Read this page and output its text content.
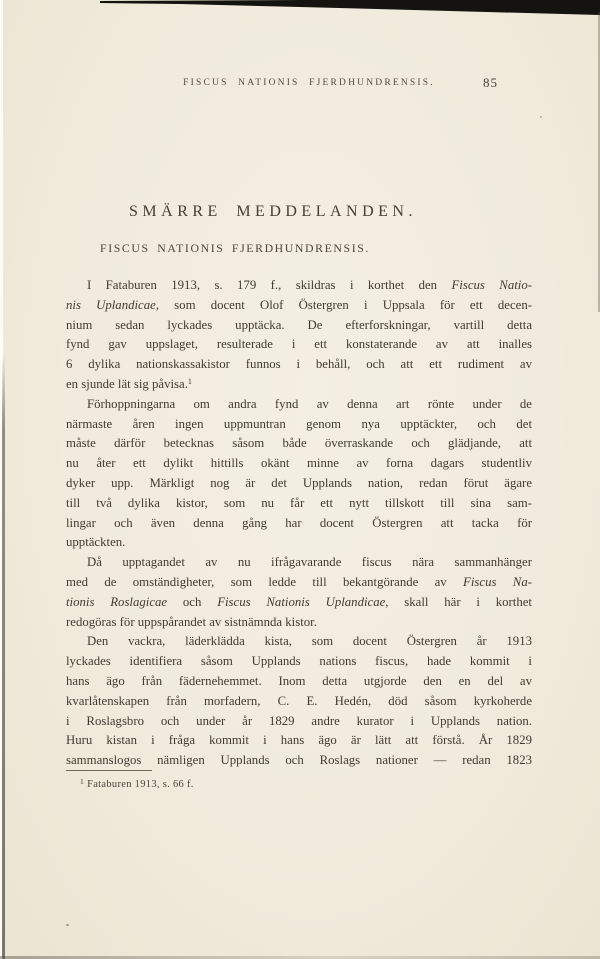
FISCUS NATIONIS FJERDHUNDRENSIS.	85
SMÄRRE MEDDELANDEN.
FISCUS NATIONIS FJERDHUNDRENSIS.
I Fataburen 1913, s. 179 f., skildras i korthet den Fiscus Natio-
nis Uplandicae, som docent Olof Östergren i Uppsala för ett decen-
nium sedan lyckades upptäcka. De efterforskningar, vartill detta
fynd gav uppslaget, resulterade i ett konstaterande av att inalles
6 dylika nationskassakistor funnos i behåll, och att ett rudiment av
en sjunde lät sig påvisa.$^1$
Förhoppningarna om andra fynd av denna art rönte under de
närmaste åren ingen uppmuntran genom nya upptäckter, och det
måste därför betecknas såsom både överraskande och glädjande, att
nu åter ett dylikt hittills okänt minne av forna dagars studentliv
dyker upp. Märkligt nog är det Upplands nation, redan förut ägare
till två dylika kistor, som nu får ett nytt tillskott till sina sam-
lingar och även denna gång har docent Östergren att tacka för
upptäckten.
Då upptagandet av nu ifrågavarande fiscus nära sammanhänger
med de omständigheter, som ledde till bekantgörande av Fiscus Na-
tionis Roslagicae och Fiscus Nationis Uplandicae, skall här i korthet
redogöras för uppspårandet av sistnämnda kistor.
Den vackra, läderklädda kista, som docent Östergren år 1913
lyckades identifiera såsom Upplands nations fiscus, hade kommit i
hans ägo från fädernehemmet. Inom detta utgjorde den en del av
kvarlåtenskapen från morfadern, C. E. Hedén, död såsom kyrkoherde
i Roslagsbro och under år 1829 andre kurator i Upplands nation.
Huru kistan i fråga kommit i hans ägo är lätt att förstå. År 1829
sammanslogos nämligen Upplands och Roslags nationer — redan 1823
$^1$ Fataburen 1913, s. 66 f.
